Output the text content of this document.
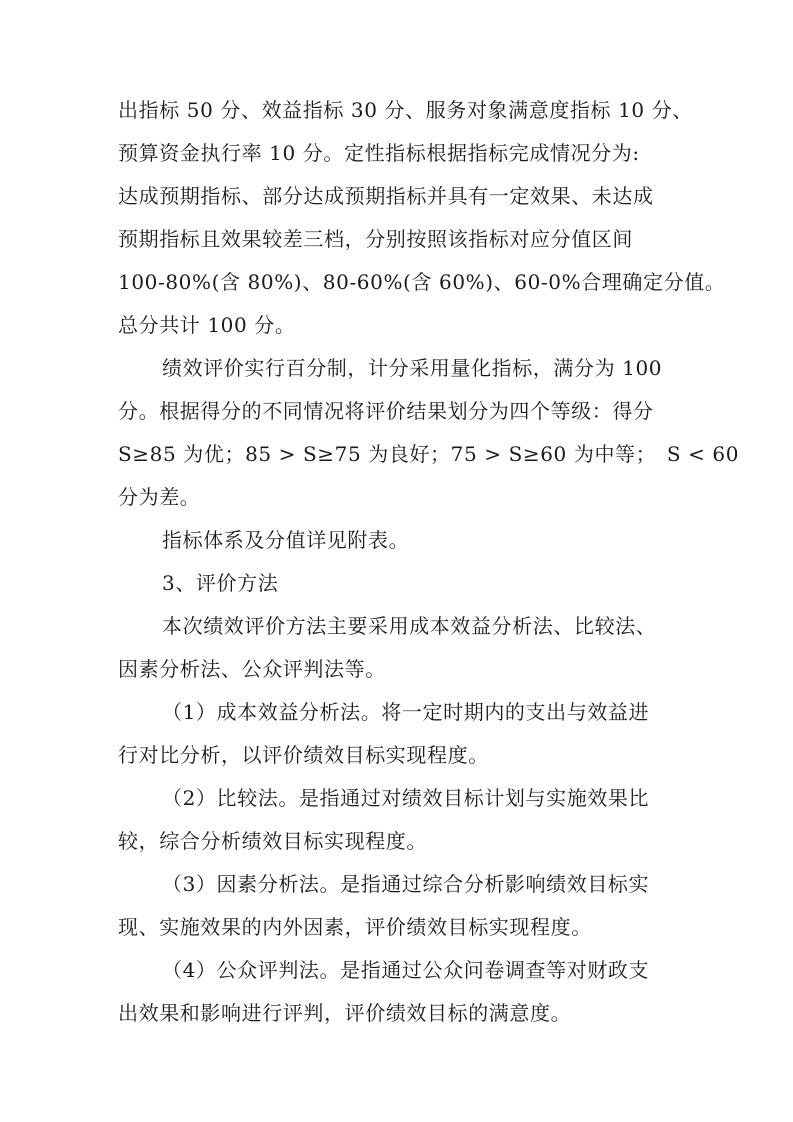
出指标 50 分、效益指标 30 分、服务对象满意度指标 10 分、
预算资金执行率 10 分。定性指标根据指标完成情况分为:
达成预期指标、部分达成预期指标并具有一定效果、未达成
预期指标且效果较差三档，分别按照该指标对应分值区间
100-80%(含 80%)、80-60%(含 60%)、60-0%合理确定分值。
总分共计 100 分。
绩效评价实行百分制，计分采用量化指标，满分为 100
分。根据得分的不同情况将评价结果划分为四个等级：得分
S≥85 为优；85 > S≥75 为良好；75 > S≥60 为中等；　S < 60
分为差。
指标体系及分值详见附表。
3、评价方法
本次绩效评价方法主要采用成本效益分析法、比较法、
因素分析法、公众评判法等。
（1）成本效益分析法。将一定时期内的支出与效益进
行对比分析，以评价绩效目标实现程度。
（2）比较法。是指通过对绩效目标计划与实施效果比
较，综合分析绩效目标实现程度。
（3）因素分析法。是指通过综合分析影响绩效目标实
现、实施效果的内外因素，评价绩效目标实现程度。
（4）公众评判法。是指通过公众问卷调查等对财政支
出效果和影响进行评判，评价绩效目标的满意度。
